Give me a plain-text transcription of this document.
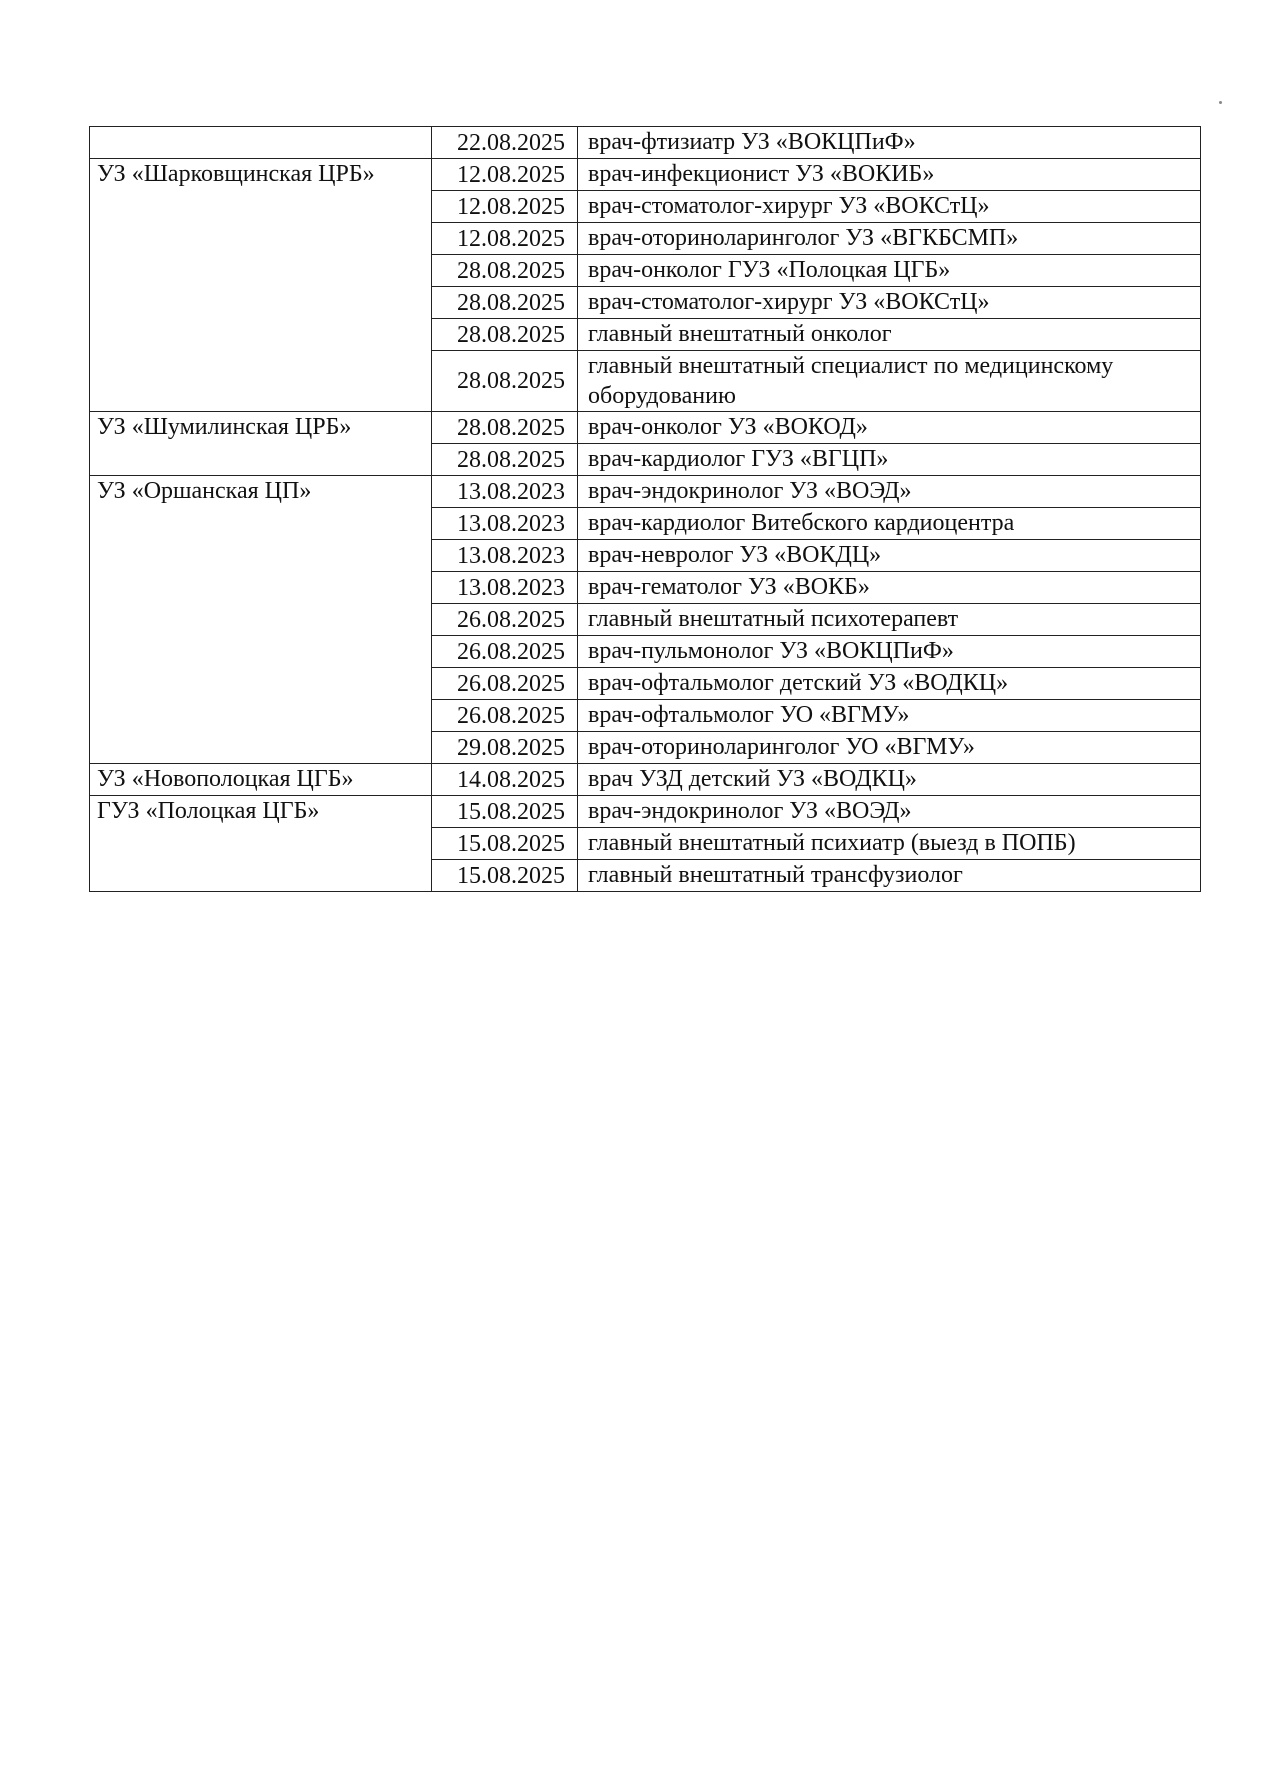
	22.08.2025	врач-фтизиатр УЗ «ВОКЦПиФ»
УЗ «Шарковщинская ЦРБ»	12.08.2025	врач-инфекционист УЗ «ВОКИБ»
	12.08.2025	врач-стоматолог-хирург УЗ «ВОКСтЦ»
	12.08.2025	врач-оториноларинголог УЗ «ВГКБСМП»
	28.08.2025	врач-онколог ГУЗ «Полоцкая ЦГБ»
	28.08.2025	врач-стоматолог-хирург УЗ «ВОКСтЦ»
	28.08.2025	главный внештатный онколог
	28.08.2025	главный внештатный специалист по медицинскому оборудованию
УЗ «Шумилинская ЦРБ»	28.08.2025	врач-онколог УЗ «ВОКОД»
	28.08.2025	врач-кардиолог ГУЗ «ВГЦП»
УЗ «Оршанская ЦП»	13.08.2023	врач-эндокринолог УЗ «ВОЭД»
	13.08.2023	врач-кардиолог Витебского кардиоцентра
	13.08.2023	врач-невролог УЗ «ВОКДЦ»
	13.08.2023	врач-гематолог УЗ «ВОКБ»
	26.08.2025	главный внештатный психотерапевт
	26.08.2025	врач-пульмонолог УЗ «ВОКЦПиФ»
	26.08.2025	врач-офтальмолог детский УЗ «ВОДКЦ»
	26.08.2025	врач-офтальмолог УО «ВГМУ»
	29.08.2025	врач-оториноларинголог УО «ВГМУ»
УЗ «Новополоцкая ЦГБ»	14.08.2025	врач УЗД детский УЗ «ВОДКЦ»
ГУЗ «Полоцкая ЦГБ»	15.08.2025	врач-эндокринолог УЗ «ВОЭД»
	15.08.2025	главный внештатный психиатр (выезд в ПОПБ)
	15.08.2025	главный внештатный трансфузиолог
